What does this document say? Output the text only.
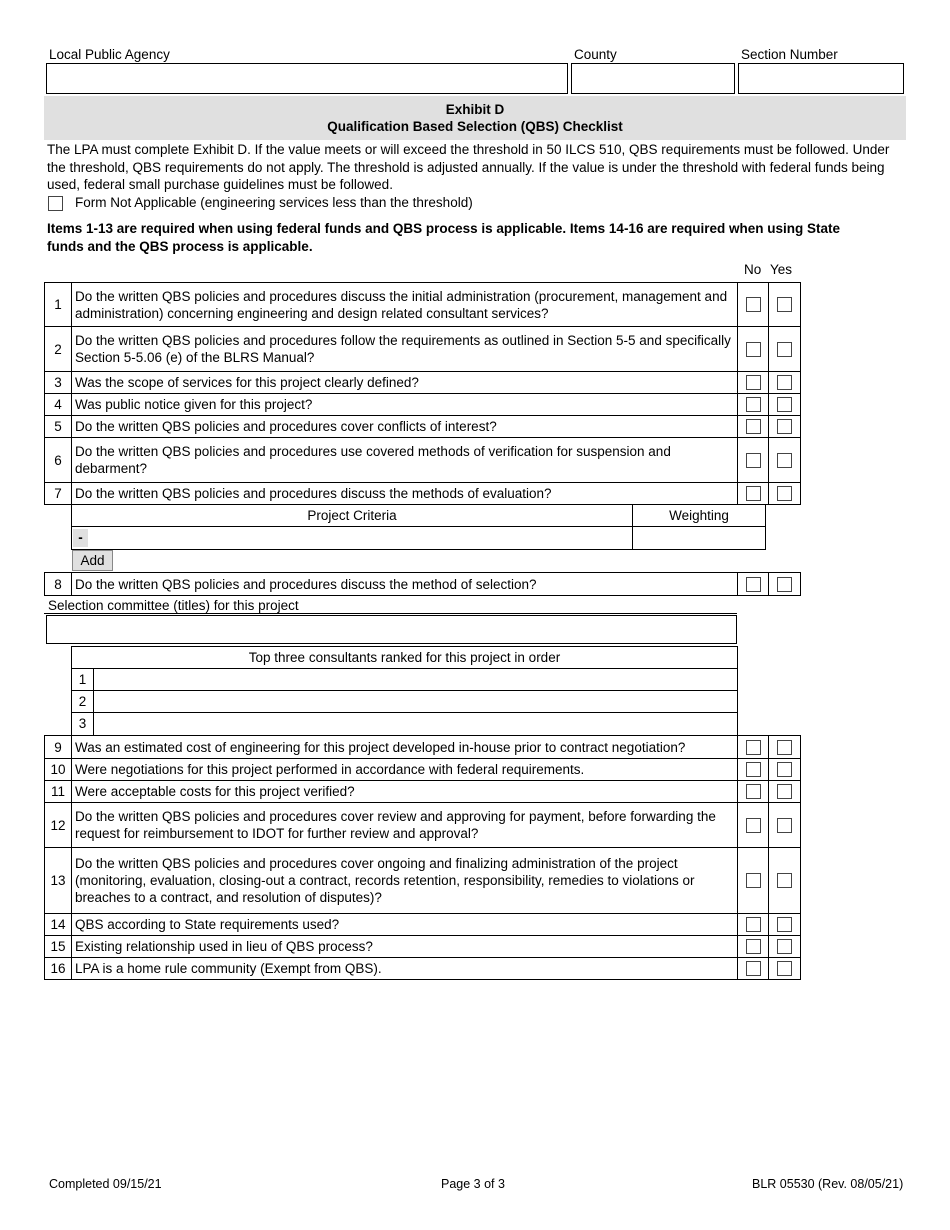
Local Public Agency	County	Section Number
Exhibit D
Qualification Based Selection (QBS) Checklist
The LPA must complete Exhibit D. If the value meets or will exceed the threshold in 50 ILCS 510, QBS requirements must be followed. Under the threshold, QBS requirements do not apply. The threshold is adjusted annually. If the value is under the threshold with federal funds being used, federal small purchase guidelines must be followed.
Form Not Applicable (engineering services less than the threshold)
Items 1-13 are required when using federal funds and QBS process is applicable. Items 14-16 are required when using State funds and the QBS process is applicable.
No Yes
1	Do the written QBS policies and procedures discuss the initial administration (procurement, management and administration) concerning engineering and design related consultant services?	

2	Do the written QBS policies and procedures follow the requirements as outlined in Section 5-5 and specifically Section 5-5.06 (e) of the BLRS Manual?	

3	Was the scope of services for this project clearly defined?	

4	Was public notice given for this project?	

5	Do the written QBS policies and procedures cover conflicts of interest?	

6	Do the written QBS policies and procedures use covered methods of verification for suspension and debarment?	

7	Do the written QBS policies and procedures discuss the methods of evaluation?	

Project Criteria	Weighting
-
Add
8	Do the written QBS policies and procedures discuss the method of selection?	

Selection committee (titles) for this project
Top three consultants ranked for this project in order
1
2
3
9	Was an estimated cost of engineering for this project developed in-house prior to contract negotiation?	

10	Were negotiations for this project performed in accordance with federal requirements.	

11	Were acceptable costs for this project verified?	

12	Do the written QBS policies and procedures cover review and approving for payment, before forwarding the request for reimbursement to IDOT for further review and approval?	

13	Do the written QBS policies and procedures cover ongoing and finalizing administration of the project (monitoring, evaluation, closing-out a contract, records retention, responsibility, remedies to violations or breaches to a contract, and resolution of disputes)?	

14	QBS according to State requirements used?	

15	Existing relationship used in lieu of QBS process?	

16	LPA is a home rule community (Exempt from QBS).	

Completed 09/15/21	Page 3 of 3	BLR 05530 (Rev. 08/05/21)
